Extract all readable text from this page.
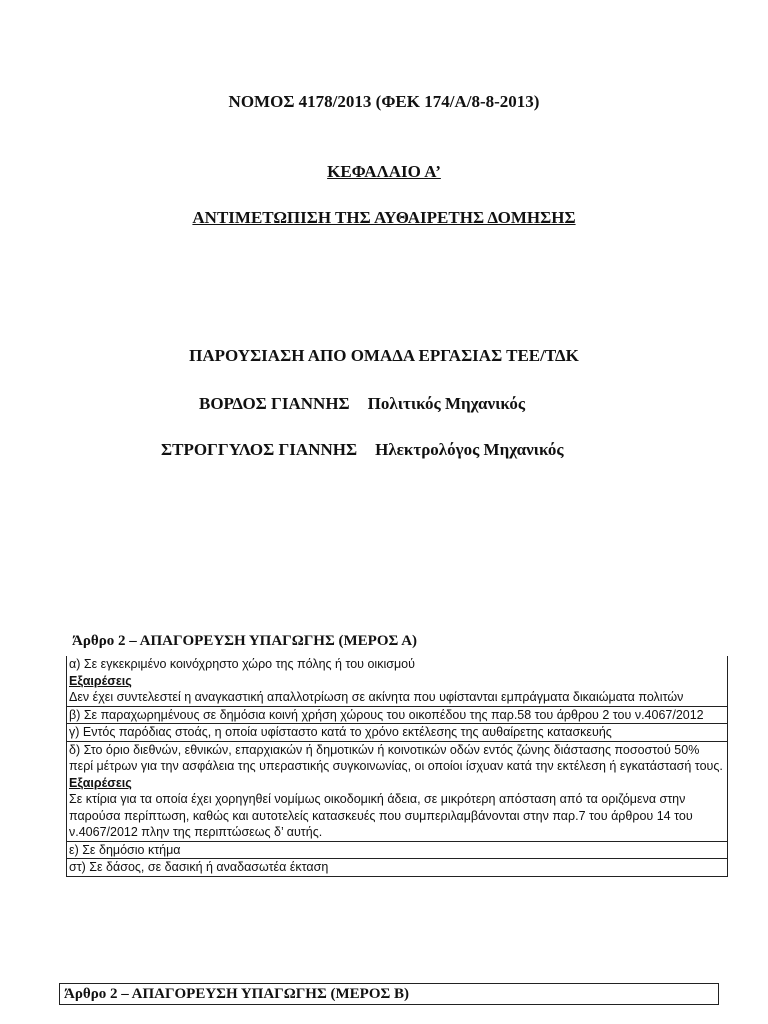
ΝΟΜΟΣ 4178/2013 (ΦΕΚ 174/Α/8-8-2013)
ΚΕΦΑΛΑΙΟ Α’
ΑΝΤΙΜΕΤΩΠΙΣΗ ΤΗΣ ΑΥΘΑΙΡΕΤΗΣ ΔΟΜΗΣΗΣ
ΠΑΡΟΥΣΙΑΣΗ ΑΠΟ ΟΜΑΔΑ ΕΡΓΑΣΙΑΣ ΤΕΕ/ΤΔΚ
ΒΟΡΔΟΣ ΓΙΑΝΝΗΣ Πολιτικός Μηχανικός
ΣΤΡΟΓΓΥΛΟΣ ΓΙΑΝΝΗΣ Ηλεκτρολόγος Μηχανικός
Άρθρο 2 – ΑΠΑΓΟΡΕΥΣΗ ΥΠΑΓΩΓΗΣ (ΜΕΡΟΣ Α)
α) Σε εγκεκριμένο κοινόχρηστο χώρο της πόλης ή του οικισμού
Εξαιρέσεις
Δεν έχει συντελεστεί η αναγκαστική απαλλοτρίωση σε ακίνητα που υφίστανται εμπράγματα δικαιώματα πολιτών
β) Σε παραχωρημένους σε δημόσια κοινή χρήση χώρους του οικοπέδου της παρ.58 του άρθρου 2 του ν.4067/2012
γ) Εντός παρόδιας στοάς, η οποία υφίσταστο κατά το χρόνο εκτέλεσης της αυθαίρετης κατασκευής
δ) Στο όριο διεθνών, εθνικών, επαρχιακών ή δημοτικών ή κοινοτικών οδών εντός ζώνης διάστασης ποσοστού 50% περί μέτρων για την ασφάλεια της υπεραστικής συγκοινωνίας, οι οποίοι ίσχυαν κατά την εκτέλεση ή εγκατάστασή τους.
Εξαιρέσεις
Σε κτίρια για τα οποία έχει χορηγηθεί νομίμως οικοδομική άδεια, σε μικρότερη απόσταση από τα οριζόμενα στην παρούσα περίπτωση, καθώς και αυτοτελείς κατασκευές που συμπεριλαμβάνονται στην παρ.7 του άρθρου 14 του ν.4067/2012 πλην της περιπτώσεως δ’ αυτής.
ε) Σε δημόσιο κτήμα
στ) Σε δάσος, σε δασική ή αναδασωτέα έκταση
Άρθρο 2 – ΑΠΑΓΟΡΕΥΣΗ ΥΠΑΓΩΓΗΣ (ΜΕΡΟΣ Β)
